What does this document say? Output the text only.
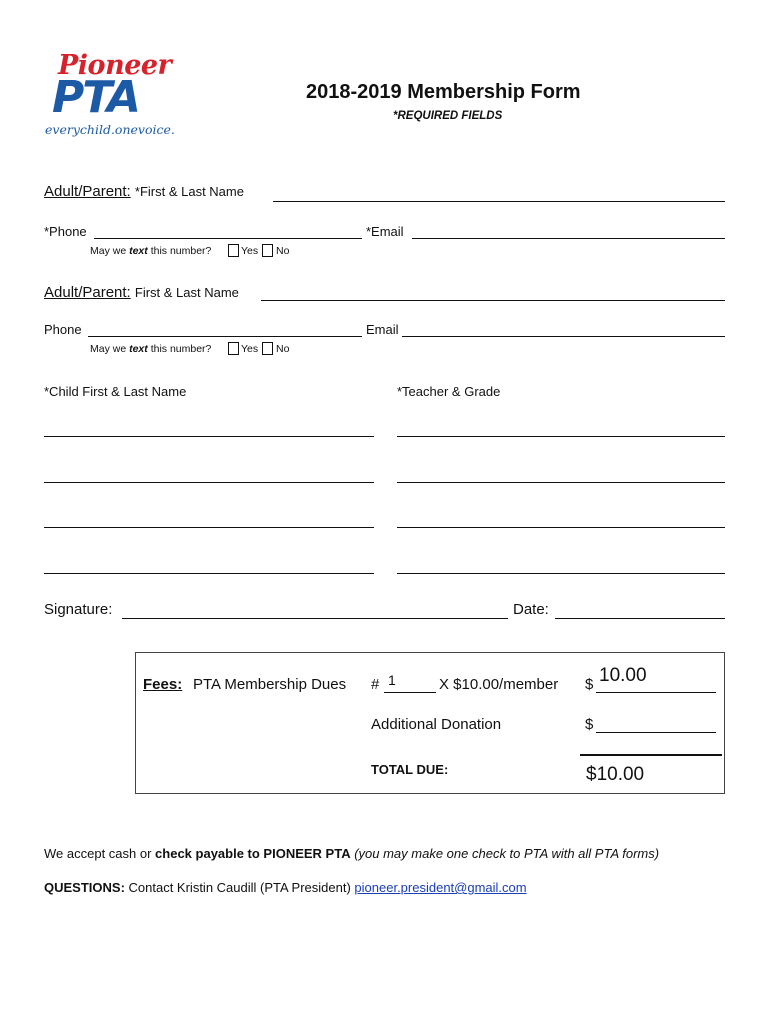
Pioneer
PTA
everychild.onevoice.
2018-2019 Membership Form
*REQUIRED FIELDS
Adult/Parent: *First & Last Name
*Phone	*Email
May we text this number?	Yes No
Adult/Parent: First & Last Name
Phone	Email
May we text this number?	Yes No
*Child First & Last Name	*Teacher & Grade
Signature:	Date:
Fees: PTA Membership Dues # 1	X $10.00/member $ 10.00
Additional Donation	$
TOTAL DUE:	$10.00
We accept cash or check payable to PIONEER PTA (you may make one check to PTA with all PTA forms)
QUESTIONS: Contact Kristin Caudill (PTA President) pioneer.president@gmail.com
